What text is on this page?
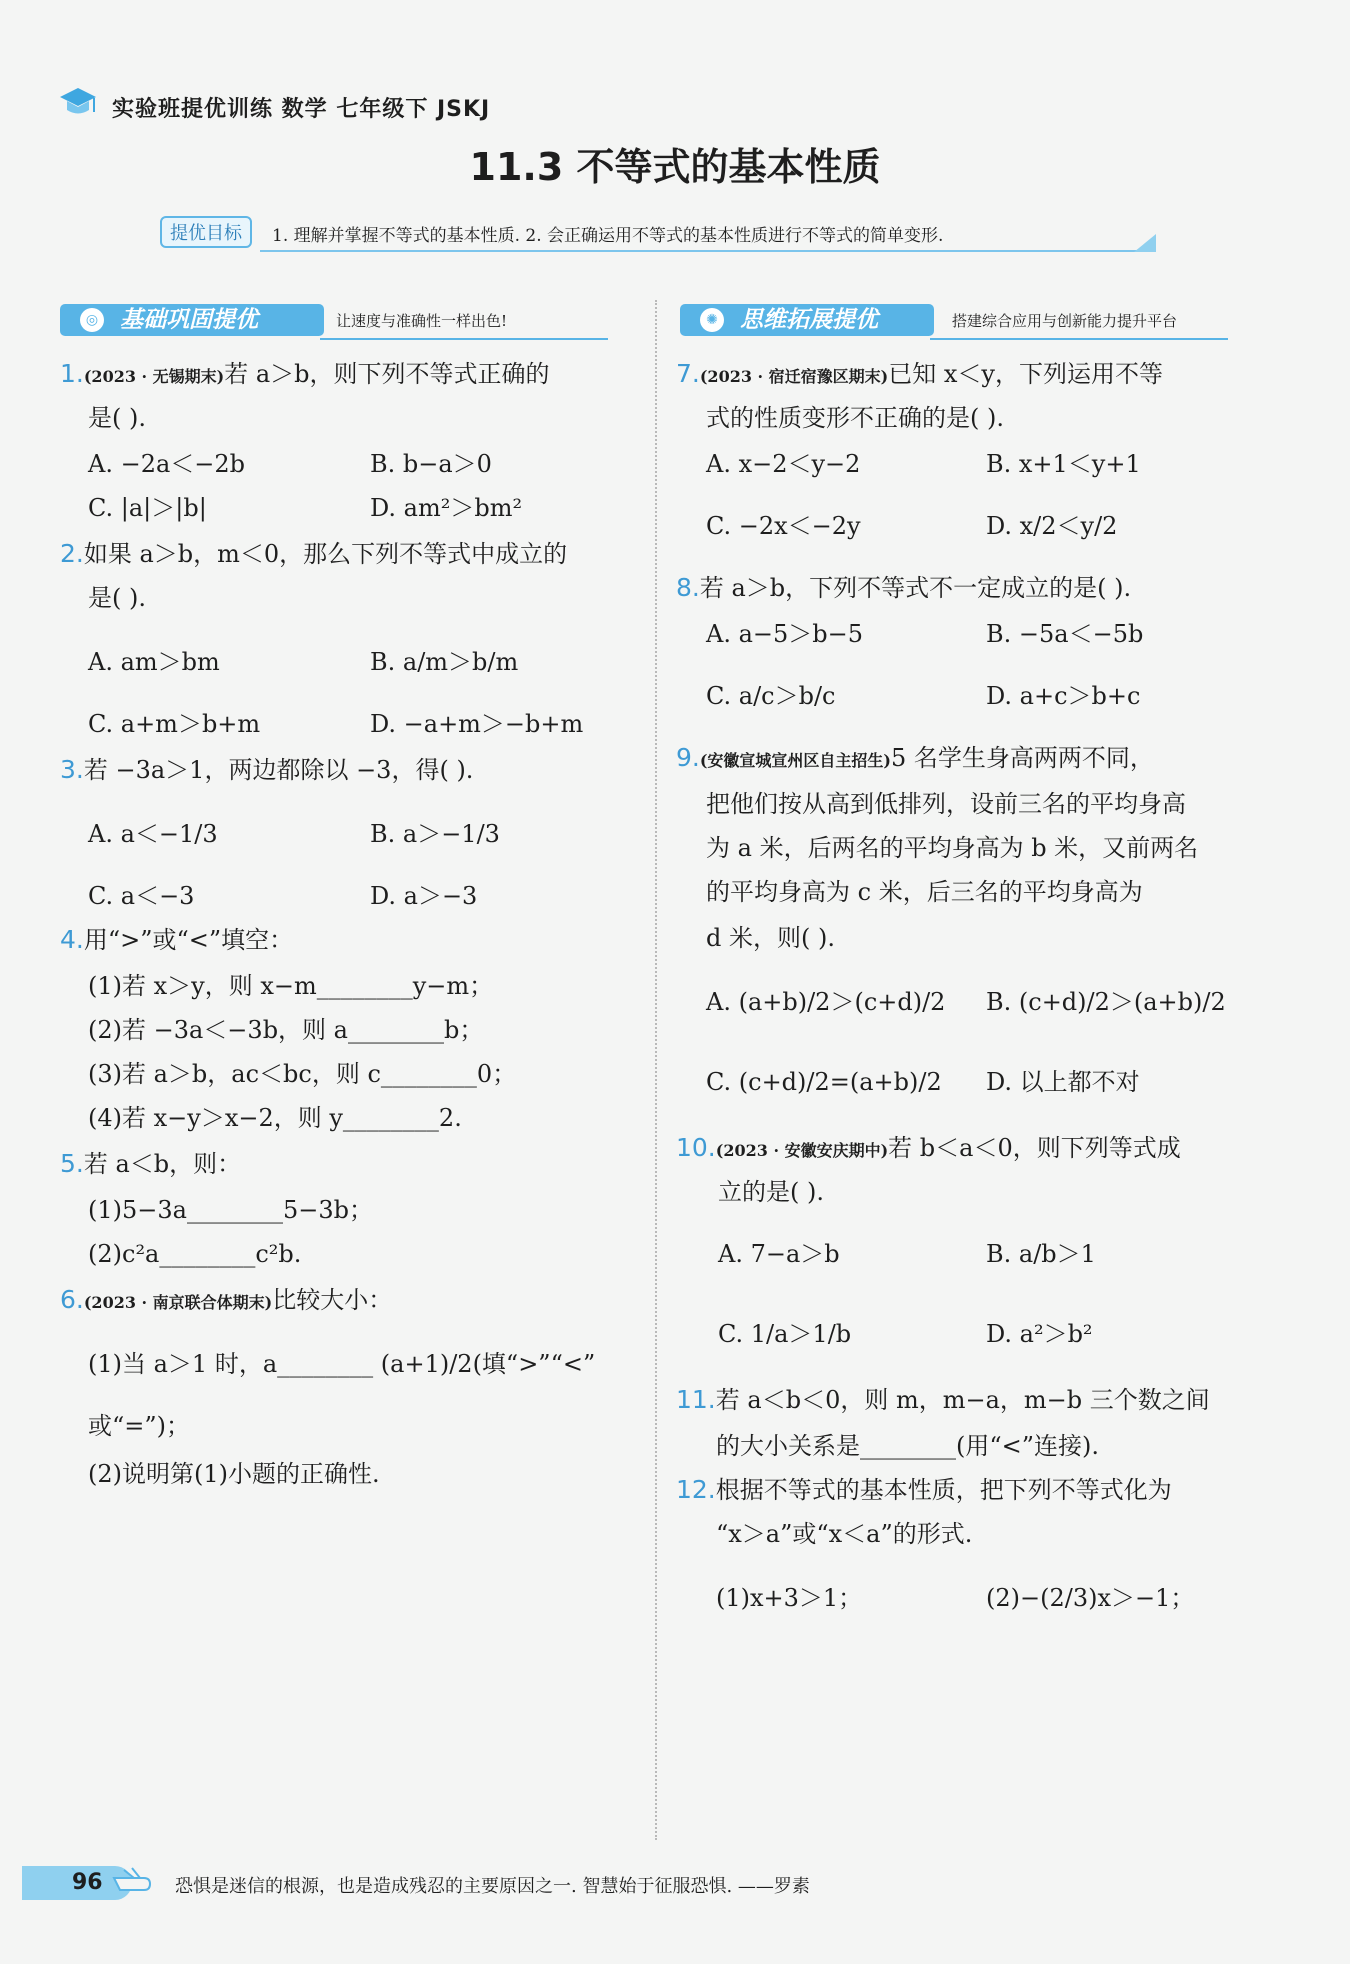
实验班提优训练 数学 七年级下 JSKJ
11.3 不等式的基本性质
提优目标	1. 理解并掌握不等式的基本性质. 2. 会正确运用不等式的基本性质进行不等式的简单变形.
◎ 基础巩固提优	让速度与准确性一样出色!	✺ 思维拓展提优	搭建综合应用与创新能力提升平台
1.(2023 · 无锡期末)若 a＞b，则下列不等式正确的
是( ).
A. −2a＜−2b	B. b−a＞0
C. |a|＞|b|	D. am²＞bm²
2.如果 a＞b，m＜0，那么下列不等式中成立的
是( ).
A. am＞bm	B. a/m＞b/m
C. a+m＞b+m	D. −a+m＞−b+m
3.若 −3a＞1，两边都除以 −3，得( ).
A. a＜−1/3	B. a＞−1/3
C. a＜−3	D. a＞−3
4.用“>”或“<”填空：
(1)若 x＞y，则 x−m________y−m；
(2)若 −3a＜−3b，则 a________b；
(3)若 a＞b，ac＜bc，则 c________0；
(4)若 x−y＞x−2，则 y________2.
5.若 a＜b，则：
(1)5−3a________5−3b；
(2)c²a________c²b.
6.(2023 · 南京联合体期末)比较大小：
(1)当 a＞1 时，a________ (a+1)/2(填“>”“<”
或“=”)；
(2)说明第(1)小题的正确性.
7.(2023 · 宿迁宿豫区期末)已知 x＜y，下列运用不等
式的性质变形不正确的是( ).
A. x−2＜y−2	B. x+1＜y+1
C. −2x＜−2y	D. x/2＜y/2
8.若 a＞b，下列不等式不一定成立的是( ).
A. a−5＞b−5	B. −5a＜−5b
C. a/c＞b/c	D. a+c＞b+c
9.(安徽宣城宣州区自主招生)5 名学生身高两两不同，
把他们按从高到低排列，设前三名的平均身高
为 a 米，后两名的平均身高为 b 米，又前两名
的平均身高为 c 米，后三名的平均身高为
d 米，则( ).
A. (a+b)/2＞(c+d)/2 B. (c+d)/2＞(a+b)/2
C. (c+d)/2=(a+b)/2 D. 以上都不对
10.(2023 · 安徽安庆期中)若 b＜a＜0，则下列等式成
立的是( ).
A. 7−a＞b	B. a/b＞1
C. 1/a＞1/b	D. a²＞b²
11.若 a＜b＜0，则 m，m−a，m−b 三个数之间
的大小关系是________(用“<”连接).
12.根据不等式的基本性质，把下列不等式化为
“x＞a”或“x＜a”的形式.
(1)x+3＞1；	(2)−(2/3)x＞−1；
96	恐惧是迷信的根源，也是造成残忍的主要原因之一. 智慧始于征服恐惧. ——罗素
